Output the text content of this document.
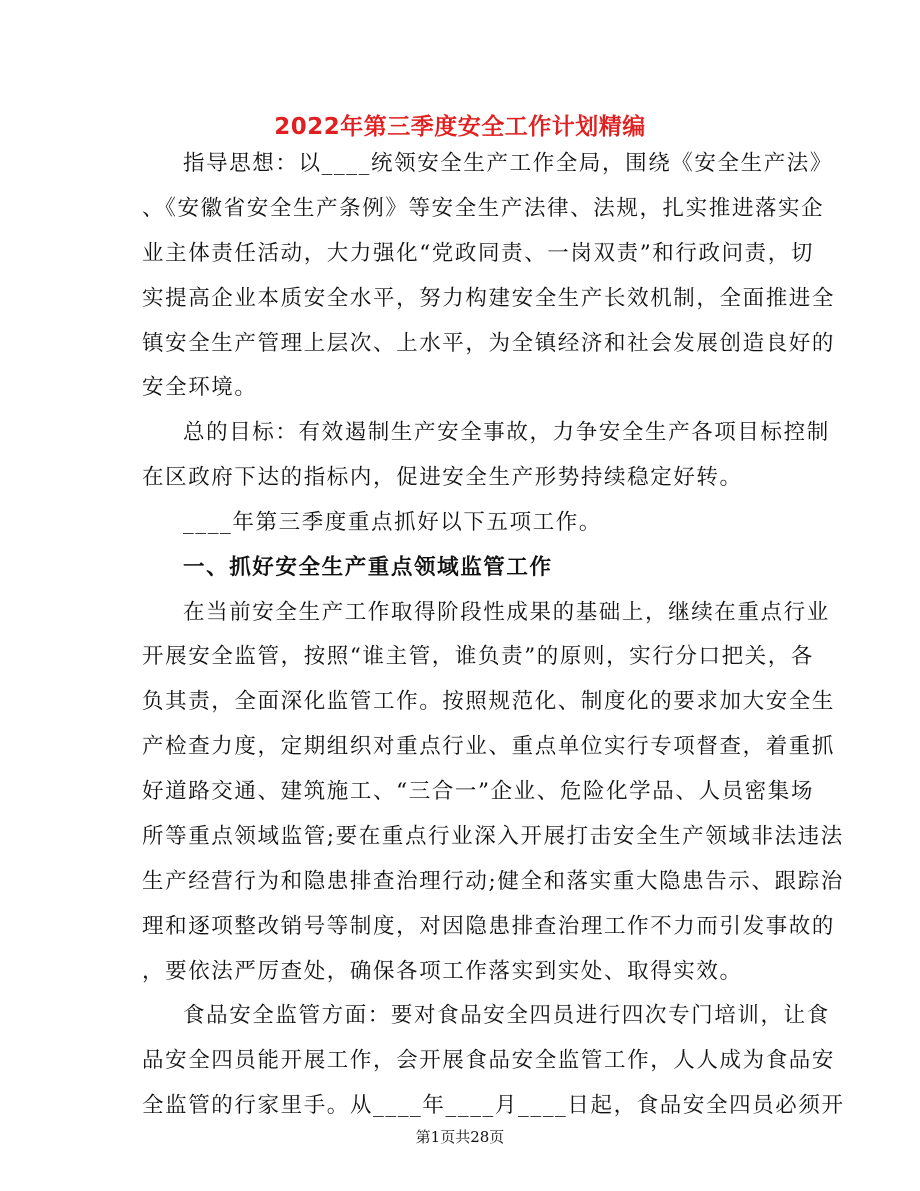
2022年第三季度安全工作计划精编
指导思想：以____统领安全生产工作全局，围绕《安全生产法》
、《安徽省安全生产条例》等安全生产法律、法规，扎实推进落实企
业主体责任活动，大力强化“党政同责、一岗双责”和行政问责，切
实提高企业本质安全水平，努力构建安全生产长效机制，全面推进全
镇安全生产管理上层次、上水平，为全镇经济和社会发展创造良好的
安全环境。
总的目标：有效遏制生产安全事故，力争安全生产各项目标控制
在区政府下达的指标内，促进安全生产形势持续稳定好转。
____年第三季度重点抓好以下五项工作。
一、抓好安全生产重点领域监管工作
在当前安全生产工作取得阶段性成果的基础上，继续在重点行业
开展安全监管，按照“谁主管，谁负责”的原则，实行分口把关，各
负其责，全面深化监管工作。按照规范化、制度化的要求加大安全生
产检查力度，定期组织对重点行业、重点单位实行专项督查，着重抓
好道路交通、建筑施工、“三合一”企业、危险化学品、人员密集场
所等重点领域监管;要在重点行业深入开展打击安全生产领域非法违法
生产经营行为和隐患排查治理行动;健全和落实重大隐患告示、跟踪治
理和逐项整改销号等制度，对因隐患排查治理工作不力而引发事故的
，要依法严厉查处，确保各项工作落实到实处、取得实效。
食品安全监管方面：要对食品安全四员进行四次专门培训，让食
品安全四员能开展工作，会开展食品安全监管工作，人人成为食品安
全监管的行家里手。从____年____月____日起，食品安全四员必须开
第1页共28页
